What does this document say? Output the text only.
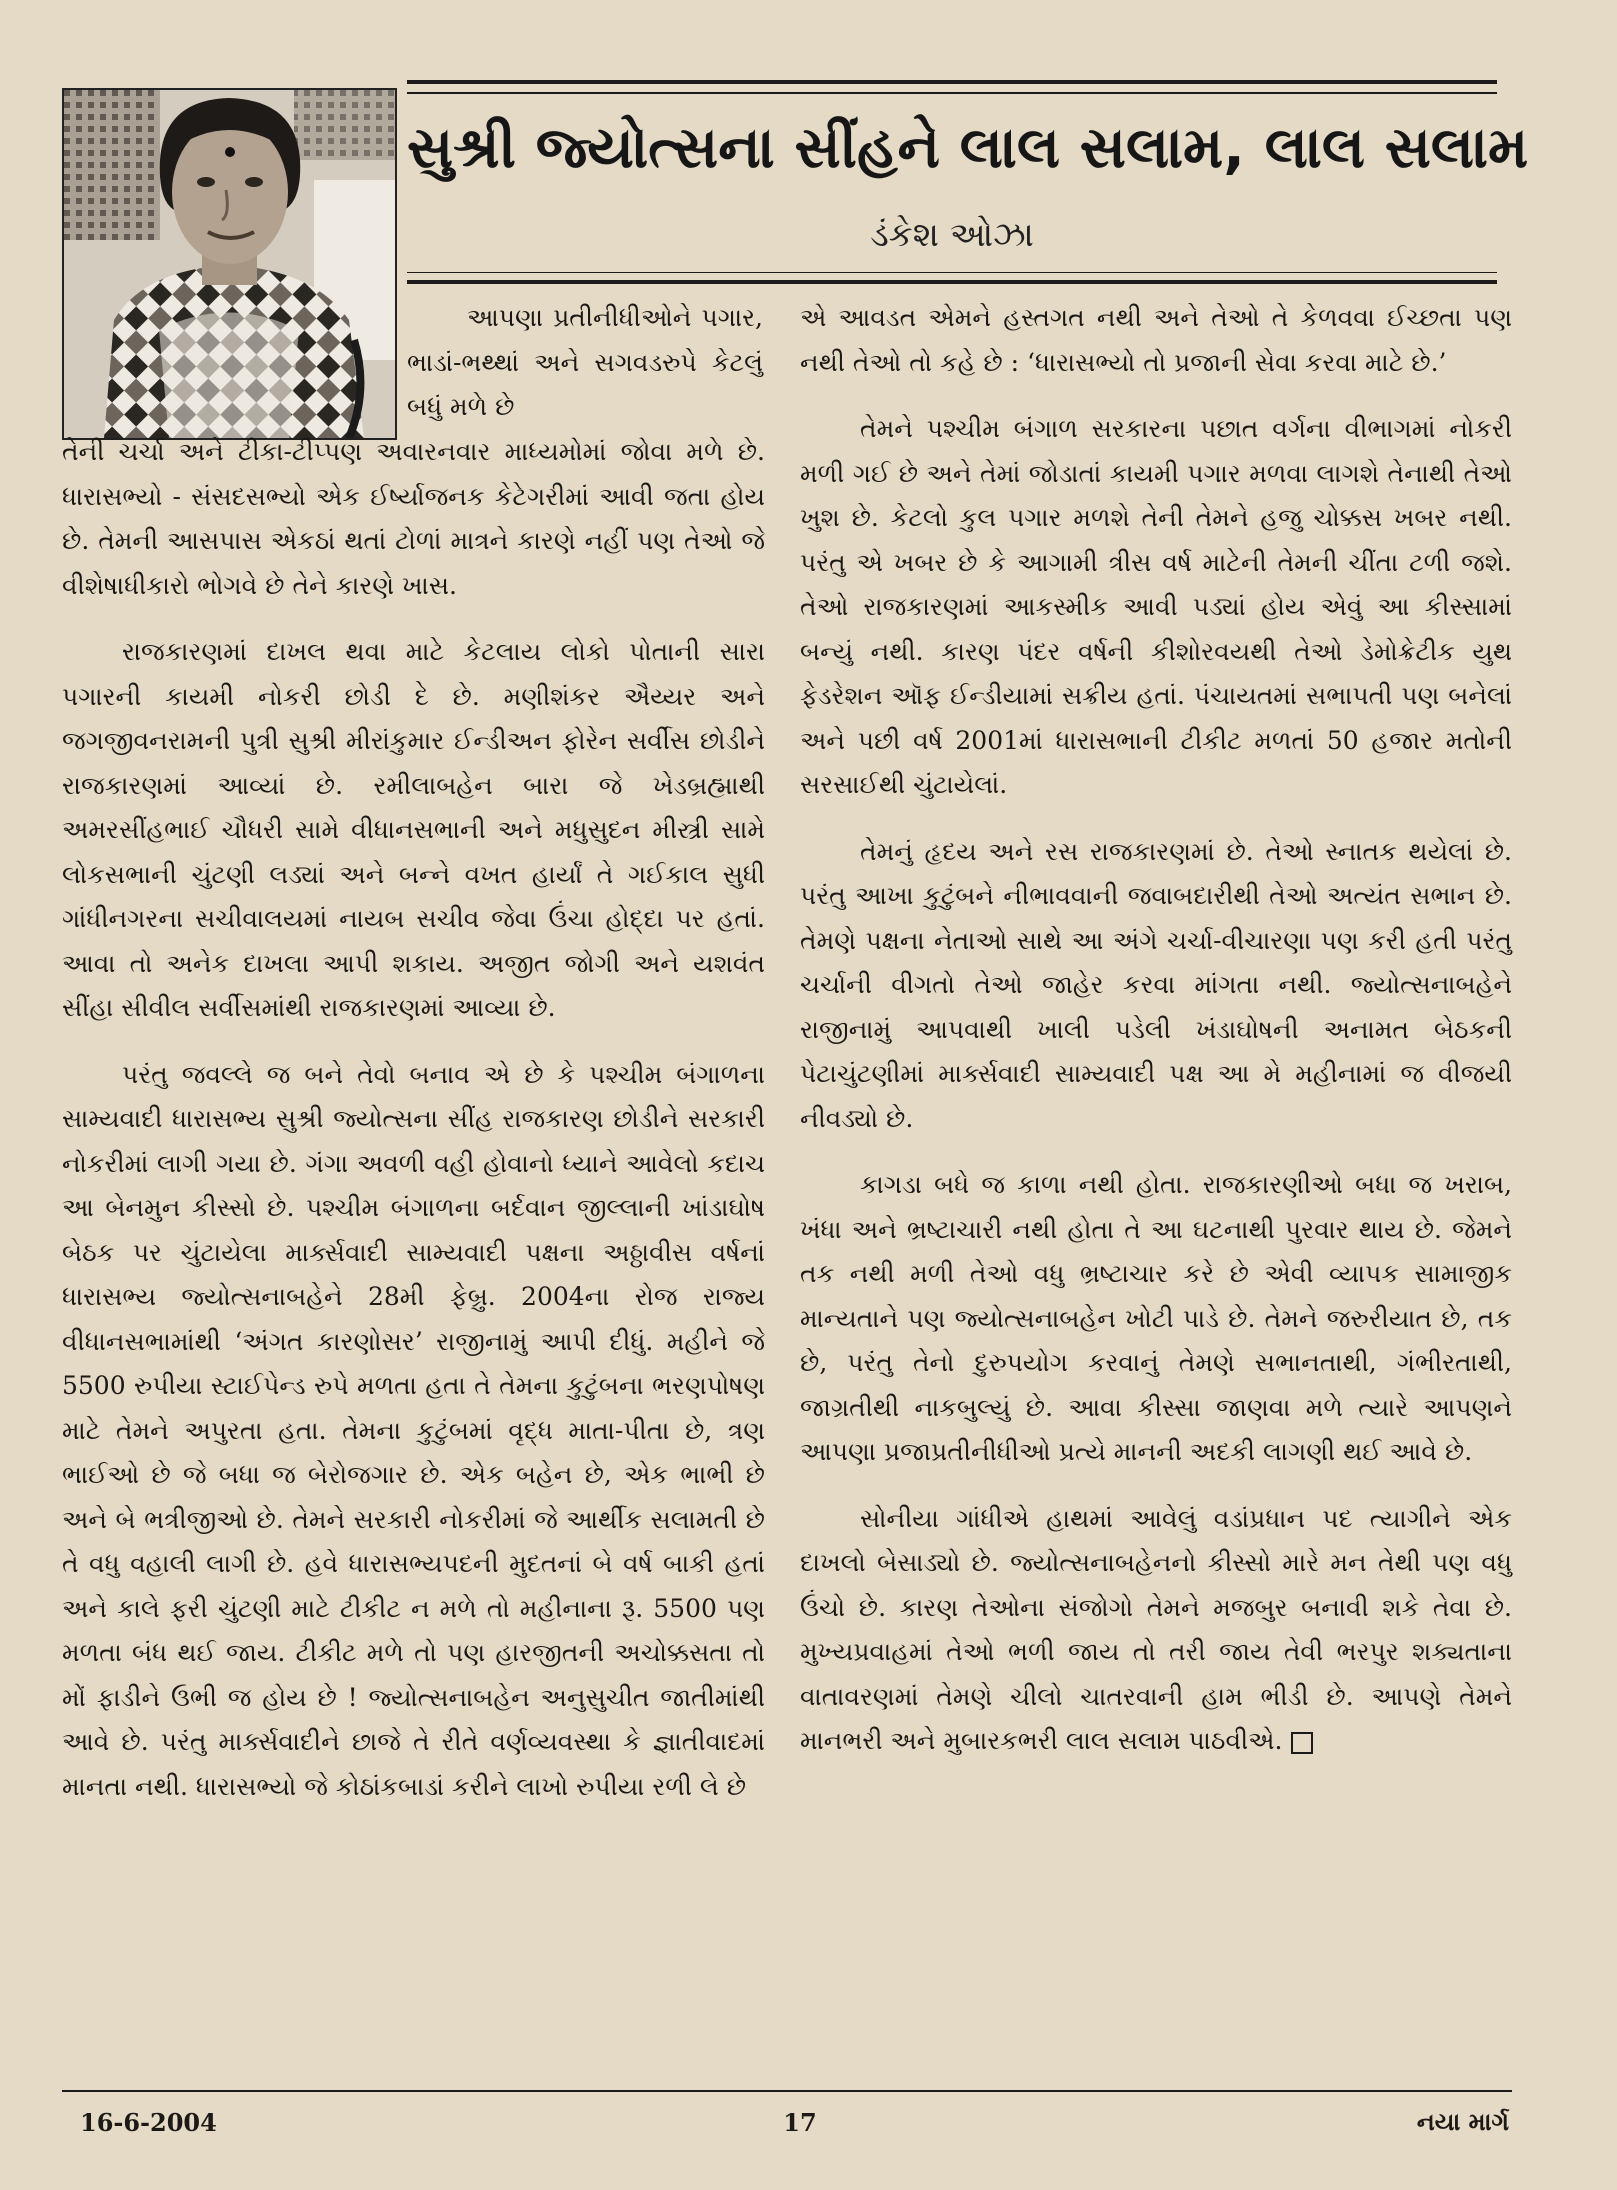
સુશ્રી જ્યોત્સના સીંહને લાલ સલામ, લાલ સલામ
ડંકેશ ઓઝા

આપણા પ્રતીનીધીઓને પગાર, ભાડાં-ભથ્થાં અને સગવડરુપે કેટલું બધું મળે છે

તેની ચર્ચા અને ટીકા-ટીપ્પણ અવારનવાર માધ્યમોમાં જોવા મળે છે. ધારાસભ્યો - સંસદસભ્યો એક ઈર્ષ્યાજનક કેટેગરીમાં આવી જતા હોય છે. તેમની આસપાસ એકઠાં થતાં ટોળાં માત્રને કારણે નહીં પણ તેઓ જે વીશેષાધીકારો ભોગવે છે તેને કારણે ખાસ.

રાજકારણમાં દાખલ થવા માટે કેટલાય લોકો પોતાની સારા પગારની કાયમી નોકરી છોડી દે છે. મણીશંકર ઐય્યર અને જગજીવનરામની પુત્રી સુશ્રી મીરાંકુમાર ઈન્ડીઅન ફોરેન સર્વીસ છોડીને રાજકારણમાં આવ્યાં છે. રમીલાબહેન બારા જે ખેડબ્રહ્માથી અમરસીંહભાઈ ચૌધરી સામે વીધાનસભાની અને મધુસુદન મીસ્ત્રી સામે લોકસભાની ચુંટણી લડ્યાં અને બન્ને વખત હાર્યાં તે ગઈકાલ સુધી ગાંધીનગરના સચીવાલયમાં નાયબ સચીવ જેવા ઉંચા હોદ્દા પર હતાં. આવા તો અનેક દાખલા આપી શકાય. અજીત જોગી અને યશવંત સીંહા સીવીલ સર્વીસમાંથી રાજકારણમાં આવ્યા છે.

પરંતુ જવલ્લે જ બને તેવો બનાવ એ છે કે પશ્ચીમ બંગાળના સામ્યવાદી ધારાસભ્ય સુશ્રી જ્યોત્સના સીંહ રાજકારણ છોડીને સરકારી નોકરીમાં લાગી ગયા છે. ગંગા અવળી વહી હોવાનો ધ્યાને આવેલો કદાચ આ બેનમુન કીસ્સો છે. પશ્ચીમ બંગાળના બર્દવાન જીલ્લાની ખાંડાઘોષ બેઠક પર ચુંટાયેલા માર્ક્સવાદી સામ્યવાદી પક્ષના અઠ્ઠાવીસ વર્ષનાં ધારાસભ્ય જ્યોત્સનાબહેને 28મી ફેબ્રુ. 2004ના રોજ રાજ્ય વીધાનસભામાંથી ‘અંગત કારણોસર’ રાજીનામું આપી દીધું. મહીને જે 5500 રુપીયા સ્ટાઈપેન્ડ રુપે મળતા હતા તે તેમના કુટુંબના ભરણપોષણ માટે તેમને અપુરતા હતા. તેમના કુટુંબમાં વૃદ્ધ માતા-પીતા છે, ત્રણ ભાઈઓ છે જે બધા જ બેરોજગાર છે. એક બહેન છે, એક ભાભી છે અને બે ભત્રીજીઓ છે. તેમને સરકારી નોકરીમાં જે આર્થીક સલામતી છે તે વધુ વહાલી લાગી છે. હવે ધારાસભ્યપદની મુદતનાં બે વર્ષ બાકી હતાં અને કાલે ફરી ચુંટણી માટે ટીકીટ ન મળે તો મહીનાના રૂ. 5500 પણ મળતા બંધ થઈ જાય. ટીકીટ મળે તો પણ હારજીતની અચોક્કસતા તો મોં ફાડીને ઉભી જ હોય છે ! જ્યોત્સનાબહેન અનુસુચીત જાતીમાંથી આવે છે. પરંતુ માર્ક્સવાદીને છાજે તે રીતે વર્ણવ્યવસ્થા કે જ્ઞાતીવાદમાં માનતા નથી. ધારાસભ્યો જે કોઠાંકબાડાં કરીને લાખો રુપીયા રળી લે છે

એ આવડત એમને હસ્તગત નથી અને તેઓ તે કેળવવા ઈચ્છતા પણ નથી તેઓ તો કહે છે : ‘ધારાસભ્યો તો પ્રજાની સેવા કરવા માટે છે.’

તેમને પશ્ચીમ બંગાળ સરકારના પછાત વર્ગના વીભાગમાં નોકરી મળી ગઈ છે અને તેમાં જોડાતાં કાયમી પગાર મળવા લાગશે તેનાથી તેઓ ખુશ છે. કેટલો કુલ પગાર મળશે તેની તેમને હજુ ચોક્કસ ખબર નથી. પરંતુ એ ખબર છે કે આગામી ત્રીસ વર્ષ માટેની તેમની ચીંતા ટળી જશે. તેઓ રાજકારણમાં આકસ્મીક આવી પડ્યાં હોય એવું આ કીસ્સામાં બન્યું નથી. કારણ પંદર વર્ષની કીશોરવયથી તેઓ ડેમોક્રેટીક યુથ ફેડરેશન ઑફ ઈન્ડીયામાં સક્રીય હતાં. પંચાયતમાં સભાપતી પણ બનેલાં અને પછી વર્ષ 2001માં ધારાસભાની ટીકીટ મળતાં 50 હજાર મતોની સરસાઈથી ચુંટાયેલાં.

તેમનું હૃદય અને રસ રાજકારણમાં છે. તેઓ સ્નાતક થયેલાં છે. પરંતુ આખા કુટુંબને નીભાવવાની જવાબદારીથી તેઓ અત્યંત સભાન છે. તેમણે પક્ષના નેતાઓ સાથે આ અંગે ચર્ચા-વીચારણા પણ કરી હતી પરંતુ ચર્ચાની વીગતો તેઓ જાહેર કરવા માંગતા નથી. જ્યોત્સનાબહેને રાજીનામું આપવાથી ખાલી પડેલી ખંડાઘોષની અનામત બેઠકની પેટાચુંટણીમાં માર્ક્સવાદી સામ્યવાદી પક્ષ આ મે મહીનામાં જ વીજયી નીવડ્યો છે.

કાગડા બધે જ કાળા નથી હોતા. રાજકારણીઓ બધા જ ખરાબ, ખંધા અને ભ્રષ્ટાચારી નથી હોતા તે આ ઘટનાથી પુરવાર થાય છે. જેમને તક નથી મળી તેઓ વધુ ભ્રષ્ટાચાર કરે છે એવી વ્યાપક સામાજીક માન્યતાને પણ જ્યોત્સનાબહેન ખોટી પાડે છે. તેમને જરુરીયાત છે, તક છે, પરંતુ તેનો દુરુપયોગ કરવાનું તેમણે સભાનતાથી, ગંભીરતાથી, જાગ્રતીથી નાકબુલ્યું છે. આવા કીસ્સા જાણવા મળે ત્યારે આપણને આપણા પ્રજાપ્રતીનીધીઓ પ્રત્યે માનની અદકી લાગણી થઈ આવે છે.

સોનીયા ગાંધીએ હાથમાં આવેલું વડાંપ્રધાન પદ ત્યાગીને એક દાખલો બેસાડ્યો છે. જ્યોત્સનાબહેનનો કીસ્સો મારે મન તેથી પણ વધુ ઉંચો છે. કારણ તેઓના સંજોગો તેમને મજબુર બનાવી શકે તેવા છે. મુખ્યપ્રવાહમાં તેઓ ભળી જાય તો તરી જાય તેવી ભરપુર શક્યતાના વાતાવરણમાં તેમણે ચીલો ચાતરવાની હામ ભીડી છે. આપણે તેમને માનભરી અને મુબારકભરી લાલ સલામ પાઠવીએ.

16-6-2004	17	નયા માર્ગ
